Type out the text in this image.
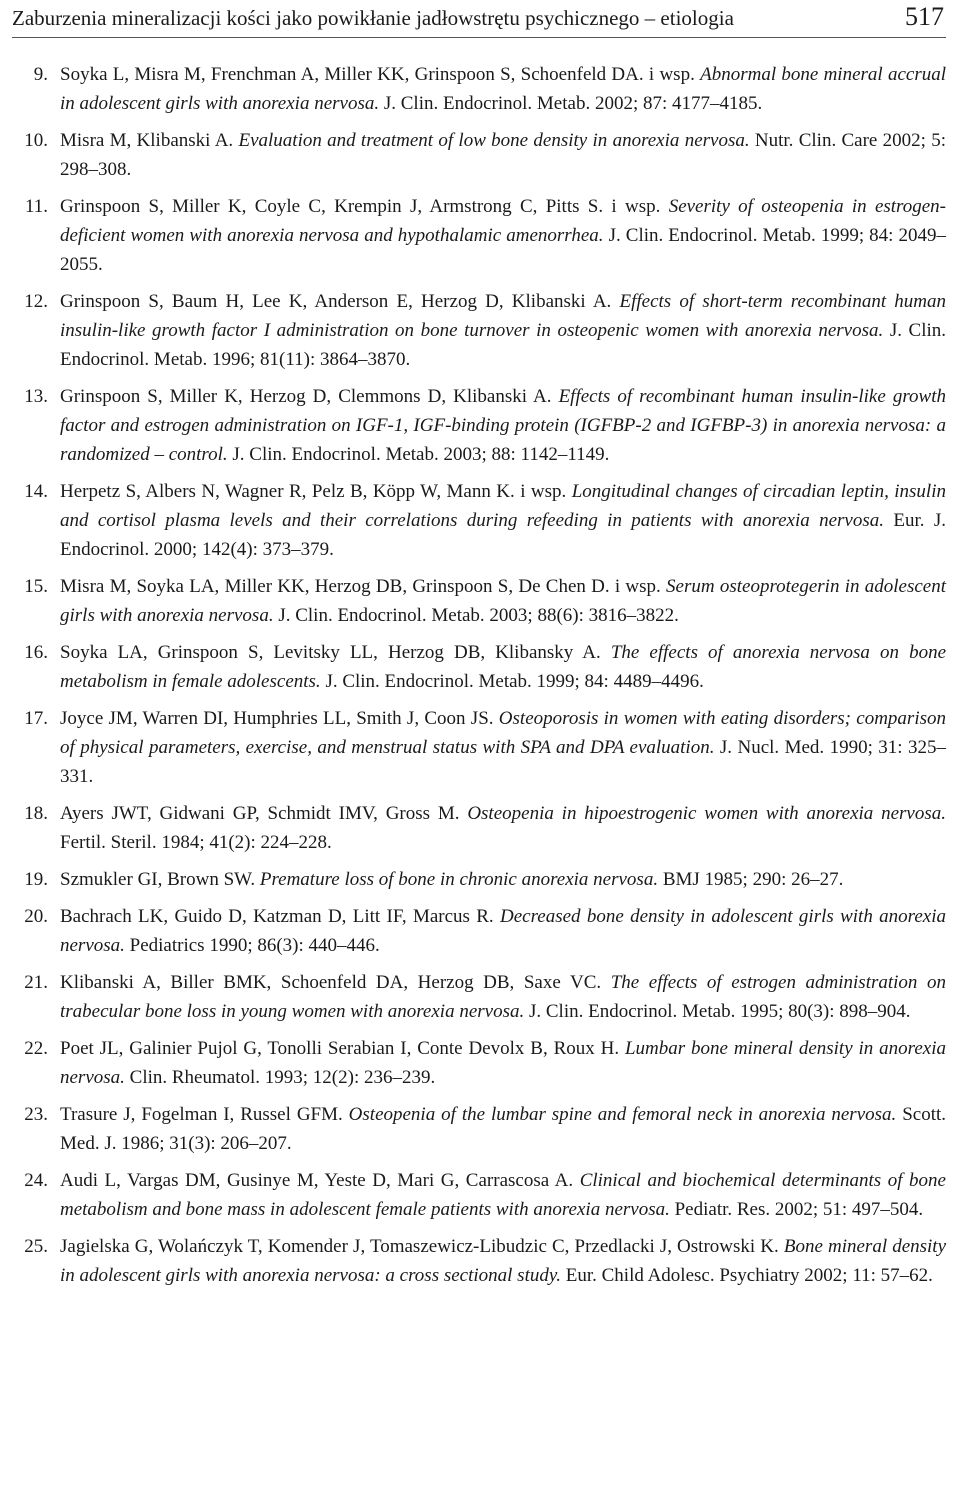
Zaburzenia mineralizacji kości jako powikłanie jadłowstrętu psychicznego – etiologia	517
9. Soyka L, Misra M, Frenchman A, Miller KK, Grinspoon S, Schoenfeld DA. i wsp. Abnormal bone mineral accrual in adolescent girls with anorexia nervosa. J. Clin. Endocrinol. Metab. 2002; 87: 4177–4185.
10. Misra M, Klibanski A. Evaluation and treatment of low bone density in anorexia nervosa. Nutr. Clin. Care 2002; 5: 298–308.
11. Grinspoon S, Miller K, Coyle C, Krempin J, Armstrong C, Pitts S. i wsp. Severity of osteopenia in estrogen-deficient women with anorexia nervosa and hypothalamic amenorrhea. J. Clin. Endocrinol. Metab. 1999; 84: 2049–2055.
12. Grinspoon S, Baum H, Lee K, Anderson E, Herzog D, Klibanski A. Effects of short-term recombinant human insulin-like growth factor I administration on bone turnover in osteopenic women with anorexia nervosa. J. Clin. Endocrinol. Metab. 1996; 81(11): 3864–3870.
13. Grinspoon S, Miller K, Herzog D, Clemmons D, Klibanski A. Effects of recombinant human insulin-like growth factor and estrogen administration on IGF-1, IGF-binding protein (IGFBP-2 and IGFBP-3) in anorexia nervosa: a randomized – control. J. Clin. Endocrinol. Metab. 2003; 88: 1142–1149.
14. Herpetz S, Albers N, Wagner R, Pelz B, Köpp W, Mann K. i wsp. Longitudinal changes of circadian leptin, insulin and cortisol plasma levels and their correlations during refeeding in patients with anorexia nervosa. Eur. J. Endocrinol. 2000; 142(4): 373–379.
15. Misra M, Soyka LA, Miller KK, Herzog DB, Grinspoon S, De Chen D. i wsp. Serum osteoprotegerin in adolescent girls with anorexia nervosa. J. Clin. Endocrinol. Metab. 2003; 88(6): 3816–3822.
16. Soyka LA, Grinspoon S, Levitsky LL, Herzog DB, Klibansky A. The effects of anorexia nervosa on bone metabolism in female adolescents. J. Clin. Endocrinol. Metab. 1999; 84: 4489–4496.
17. Joyce JM, Warren DI, Humphries LL, Smith J, Coon JS. Osteoporosis in women with eating disorders; comparison of physical parameters, exercise, and menstrual status with SPA and DPA evaluation. J. Nucl. Med. 1990; 31: 325–331.
18. Ayers JWT, Gidwani GP, Schmidt IMV, Gross M. Osteopenia in hipoestrogenic women with anorexia nervosa. Fertil. Steril. 1984; 41(2): 224–228.
19. Szmukler GI, Brown SW. Premature loss of bone in chronic anorexia nervosa. BMJ 1985; 290: 26–27.
20. Bachrach LK, Guido D, Katzman D, Litt IF, Marcus R. Decreased bone density in adolescent girls with anorexia nervosa. Pediatrics 1990; 86(3): 440–446.
21. Klibanski A, Biller BMK, Schoenfeld DA, Herzog DB, Saxe VC. The effects of estrogen administration on trabecular bone loss in young women with anorexia nervosa. J. Clin. Endocrinol. Metab. 1995; 80(3): 898–904.
22. Poet JL, Galinier Pujol G, Tonolli Serabian I, Conte Devolx B, Roux H. Lumbar bone mineral density in anorexia nervosa. Clin. Rheumatol. 1993; 12(2): 236–239.
23. Trasure J, Fogelman I, Russel GFM. Osteopenia of the lumbar spine and femoral neck in anorexia nervosa. Scott. Med. J. 1986; 31(3): 206–207.
24. Audi L, Vargas DM, Gusinye M, Yeste D, Mari G, Carrascosa A. Clinical and biochemical determinants of bone metabolism and bone mass in adolescent female patients with anorexia nervosa. Pediatr. Res. 2002; 51: 497–504.
25. Jagielska G, Wolańczyk T, Komender J, Tomaszewicz-Libudzic C, Przedlacki J, Ostrowski K. Bone mineral density in adolescent girls with anorexia nervosa: a cross sectional study. Eur. Child Adolesc. Psychiatry 2002; 11: 57–62.
